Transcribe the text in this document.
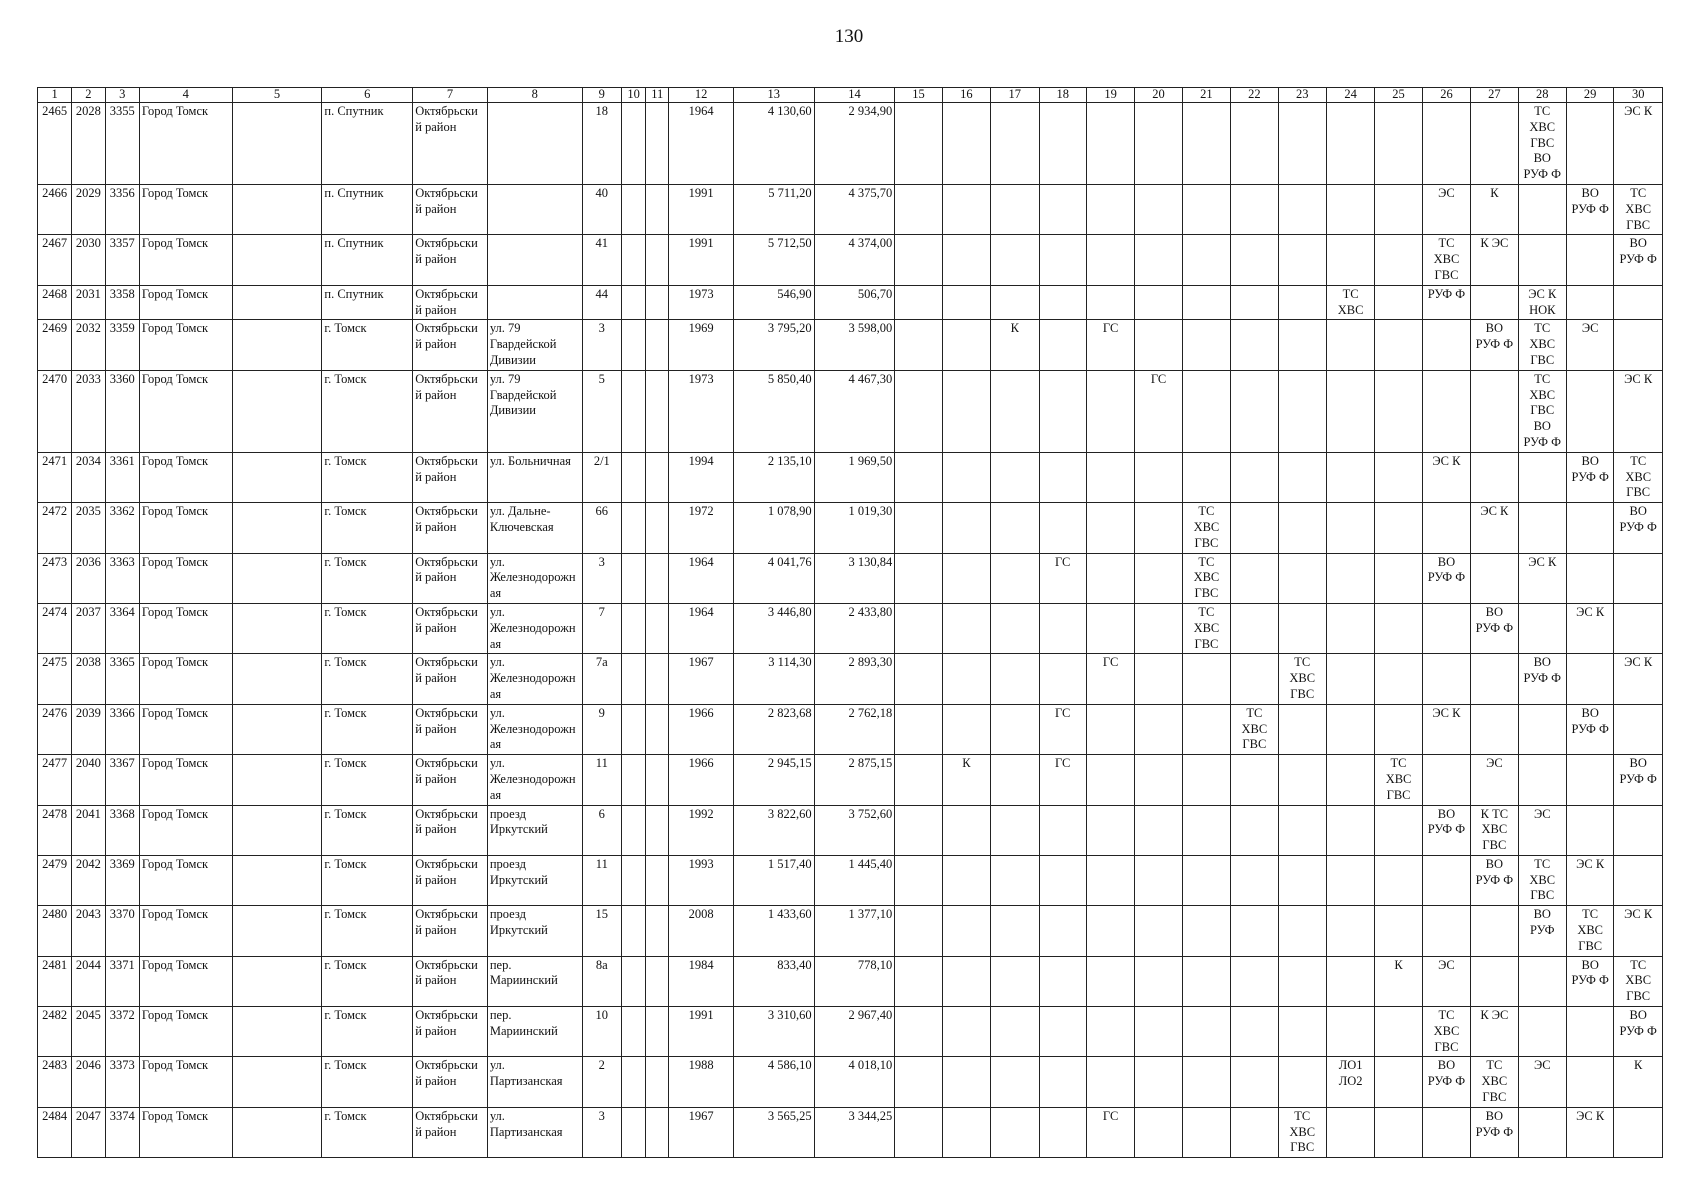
130
1	2	3	4	5	6	7	8	9	10	11	12	13	14	15	16	17	18	19	20	21	22	23	24	25	26	27	28	29	30
2465	2028	3355	Город Томск		п. Спутник	Октябрьски й район		18			1964	4 130,60	2 934,90														ТС ХВС ГВС ВО РУФ Ф		ЭС К
2466	2029	3356	Город Томск		п. Спутник	Октябрьски й район		40			1991	5 711,20	4 375,70												ЭС	К		ВО РУФ Ф	ТС ХВС ГВС
2467	2030	3357	Город Томск		п. Спутник	Октябрьски й район		41			1991	5 712,50	4 374,00												ТС ХВС ГВС	К ЭС			ВО РУФ Ф
2468	2031	3358	Город Томск		п. Спутник	Октябрьски й район		44			1973	546,90	506,70										ТС ХВС		РУФ Ф		ЭС К НОК		
2469	2032	3359	Город Томск		г. Томск	Октябрьски й район	ул. 79 Гвардейской Дивизии	3			1969	3 795,20	3 598,00			К		ГС								ВО РУФ Ф	ТС ХВС ГВС	ЭС	
2470	2033	3360	Город Томск		г. Томск	Октябрьски й район	ул. 79 Гвардейской Дивизии	5			1973	5 850,40	4 467,30						ГС								ТС ХВС ГВС ВО РУФ Ф		ЭС К
2471	2034	3361	Город Томск		г. Томск	Октябрьски й район	ул. Больничная	2/1			1994	2 135,10	1 969,50												ЭС К			ВО РУФ Ф	ТС ХВС ГВС
2472	2035	3362	Город Томск		г. Томск	Октябрьски й район	ул. Дальне-Ключевская	66			1972	1 078,90	1 019,30							ТС ХВС ГВС						ЭС К			ВО РУФ Ф
2473	2036	3363	Город Томск		г. Томск	Октябрьски й район	ул. Железнодорожн ая	3			1964	4 041,76	3 130,84				ГС			ТС ХВС ГВС					ВО РУФ Ф		ЭС К		
2474	2037	3364	Город Томск		г. Томск	Октябрьски й район	ул. Железнодорожн ая	7			1964	3 446,80	2 433,80							ТС ХВС ГВС						ВО РУФ Ф		ЭС К	
2475	2038	3365	Город Томск		г. Томск	Октябрьски й район	ул. Железнодорожн ая	7а			1967	3 114,30	2 893,30					ГС				ТС ХВС ГВС					ВО РУФ Ф		ЭС К
2476	2039	3366	Город Томск		г. Томск	Октябрьски й район	ул. Железнодорожн ая	9			1966	2 823,68	2 762,18				ГС				ТС ХВС ГВС				ЭС К			ВО РУФ Ф	
2477	2040	3367	Город Томск		г. Томск	Октябрьски й район	ул. Железнодорожн ая	11			1966	2 945,15	2 875,15		К		ГС							ТС ХВС ГВС		ЭС			ВО РУФ Ф
2478	2041	3368	Город Томск		г. Томск	Октябрьски й район	проезд Иркутский	6			1992	3 822,60	3 752,60												ВО РУФ Ф	К ТС ХВС ГВС	ЭС		
2479	2042	3369	Город Томск		г. Томск	Октябрьски й район	проезд Иркутский	11			1993	1 517,40	1 445,40													ВО РУФ Ф	ТС ХВС ГВС	ЭС К	
2480	2043	3370	Город Томск		г. Томск	Октябрьски й район	проезд Иркутский	15			2008	1 433,60	1 377,10														ВО РУФ	ТС ХВС ГВС	ЭС К
2481	2044	3371	Город Томск		г. Томск	Октябрьски й район	пер. Мариинский	8а			1984	833,40	778,10											К	ЭС			ВО РУФ Ф	ТС ХВС ГВС
2482	2045	3372	Город Томск		г. Томск	Октябрьски й район	пер. Мариинский	10			1991	3 310,60	2 967,40												ТС ХВС ГВС	К ЭС			ВО РУФ Ф
2483	2046	3373	Город Томск		г. Томск	Октябрьски й район	ул. Партизанская	2			1988	4 586,10	4 018,10										ЛО1 ЛО2		ВО РУФ Ф	ТС ХВС ГВС	ЭС		К
2484	2047	3374	Город Томск		г. Томск	Октябрьски й район	ул. Партизанская	3			1967	3 565,25	3 344,25					ГС				ТС ХВС ГВС				ВО РУФ Ф		ЭС К	
